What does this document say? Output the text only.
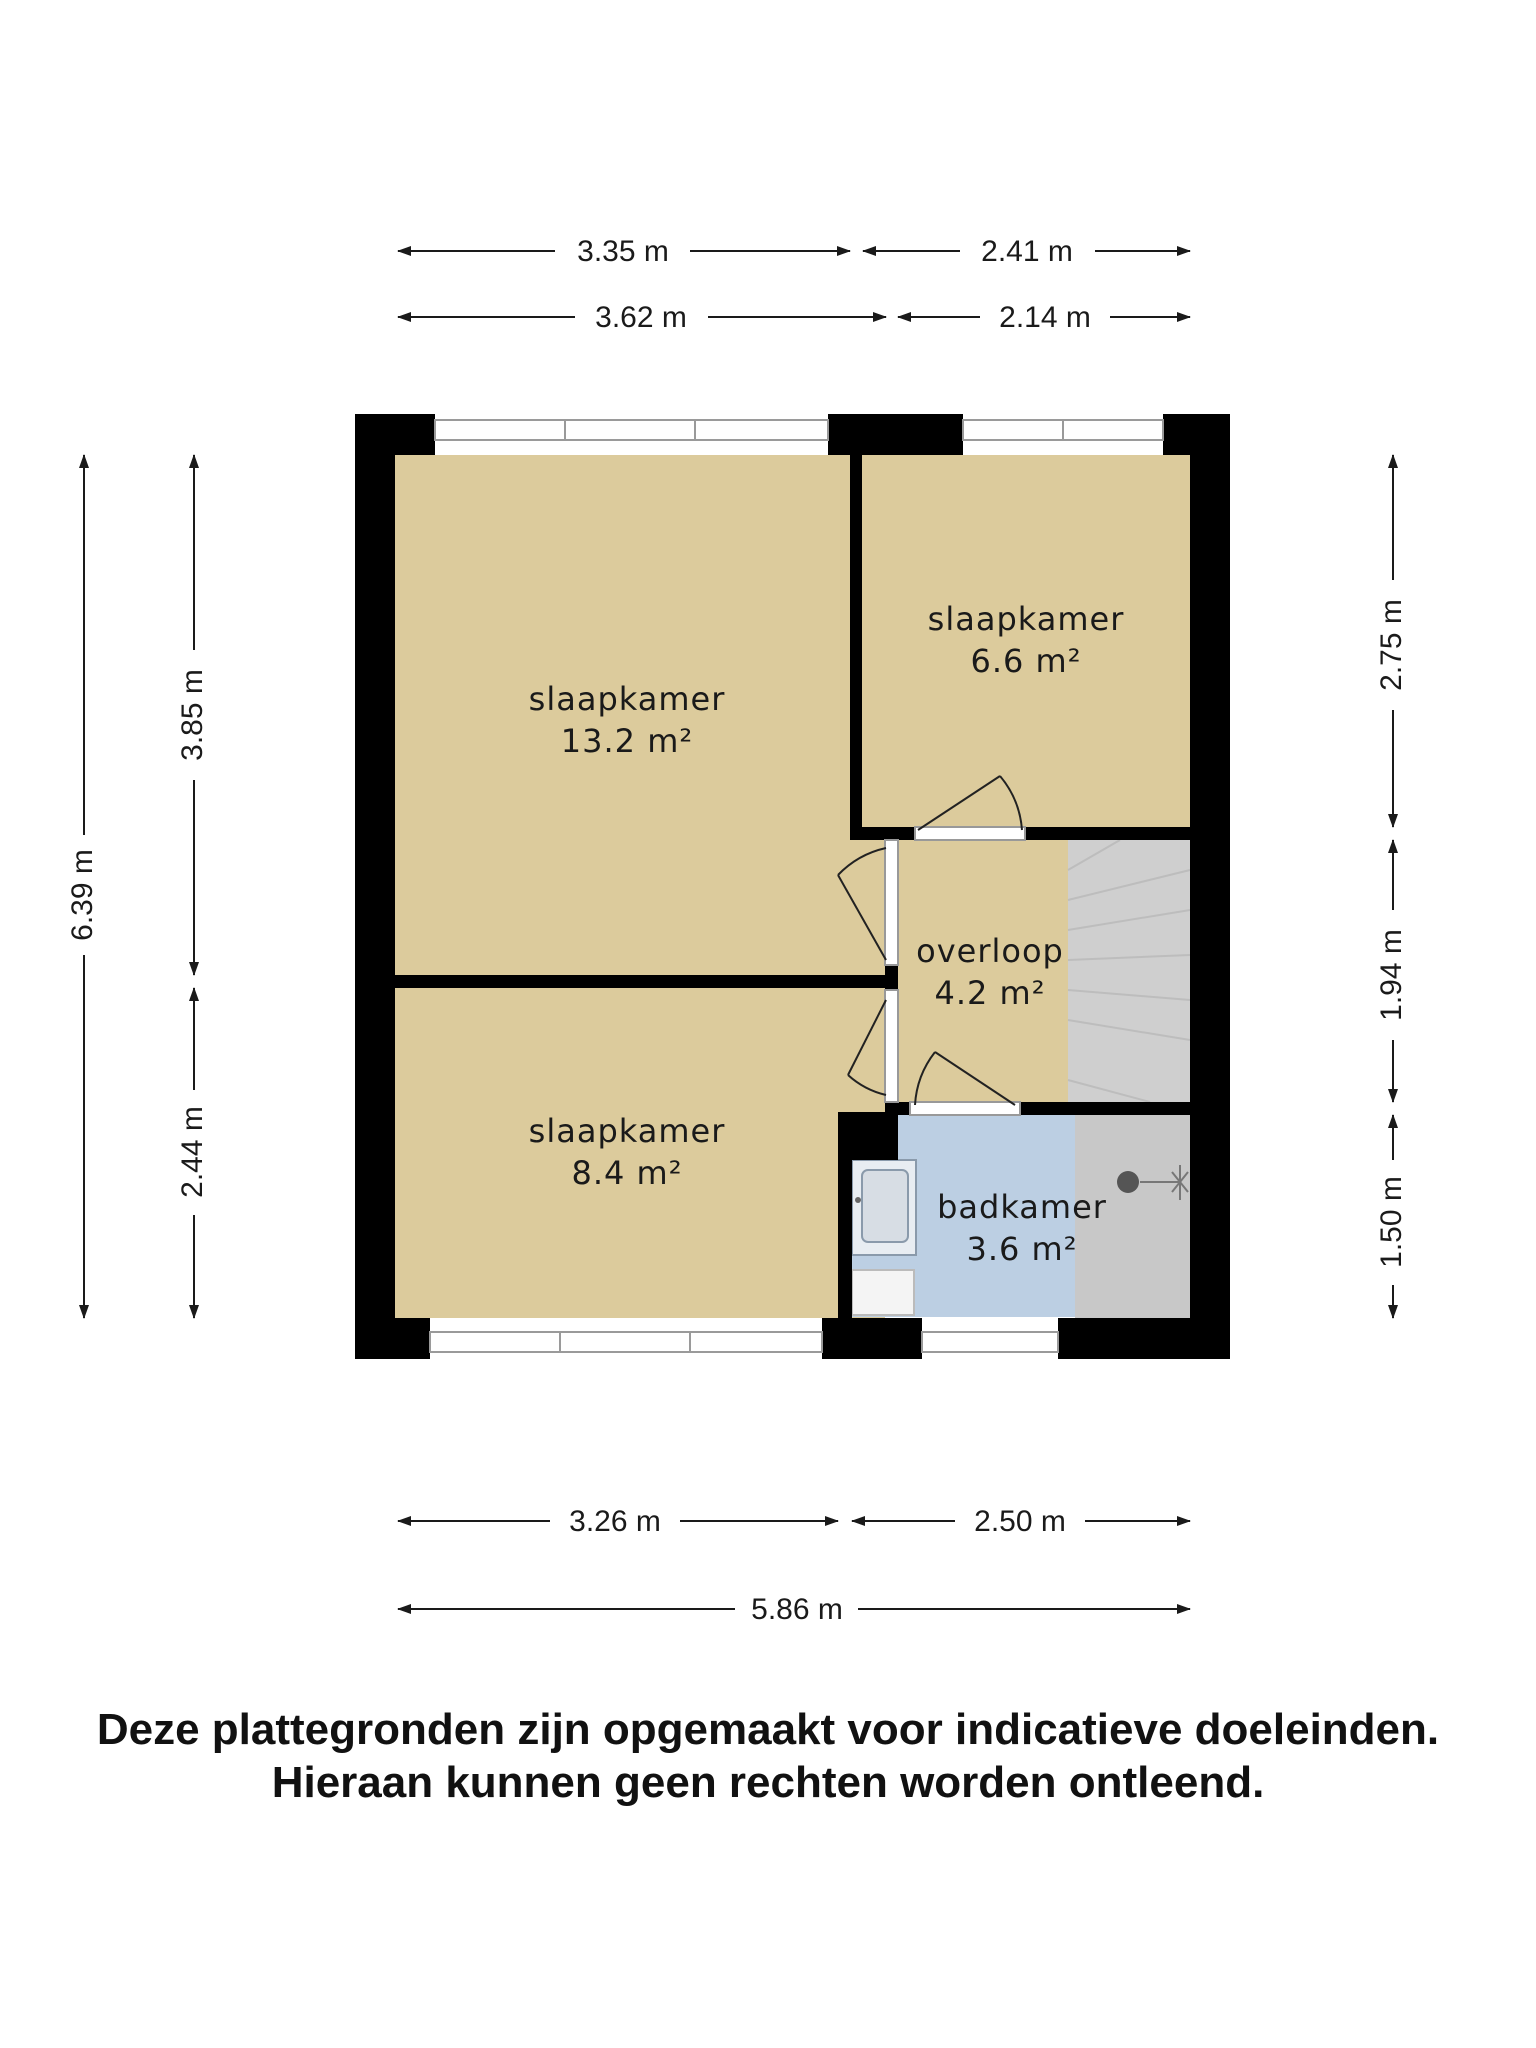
slaapkamer
13.2 m²
slaapkamer
6.6 m²
overloop
4.2 m²
slaapkamer
8.4 m²
badkamer
3.6 m²
3.35 m	2.41 m
3.62 m	2.14 m
6.39 m
3.85 m
2.44 m
2.75 m
1.94 m
1.50 m
3.26 m	2.50 m
5.86 m
Deze plattegronden zijn opgemaakt voor indicatieve doeleinden.
Hieraan kunnen geen rechten worden ontleend.
